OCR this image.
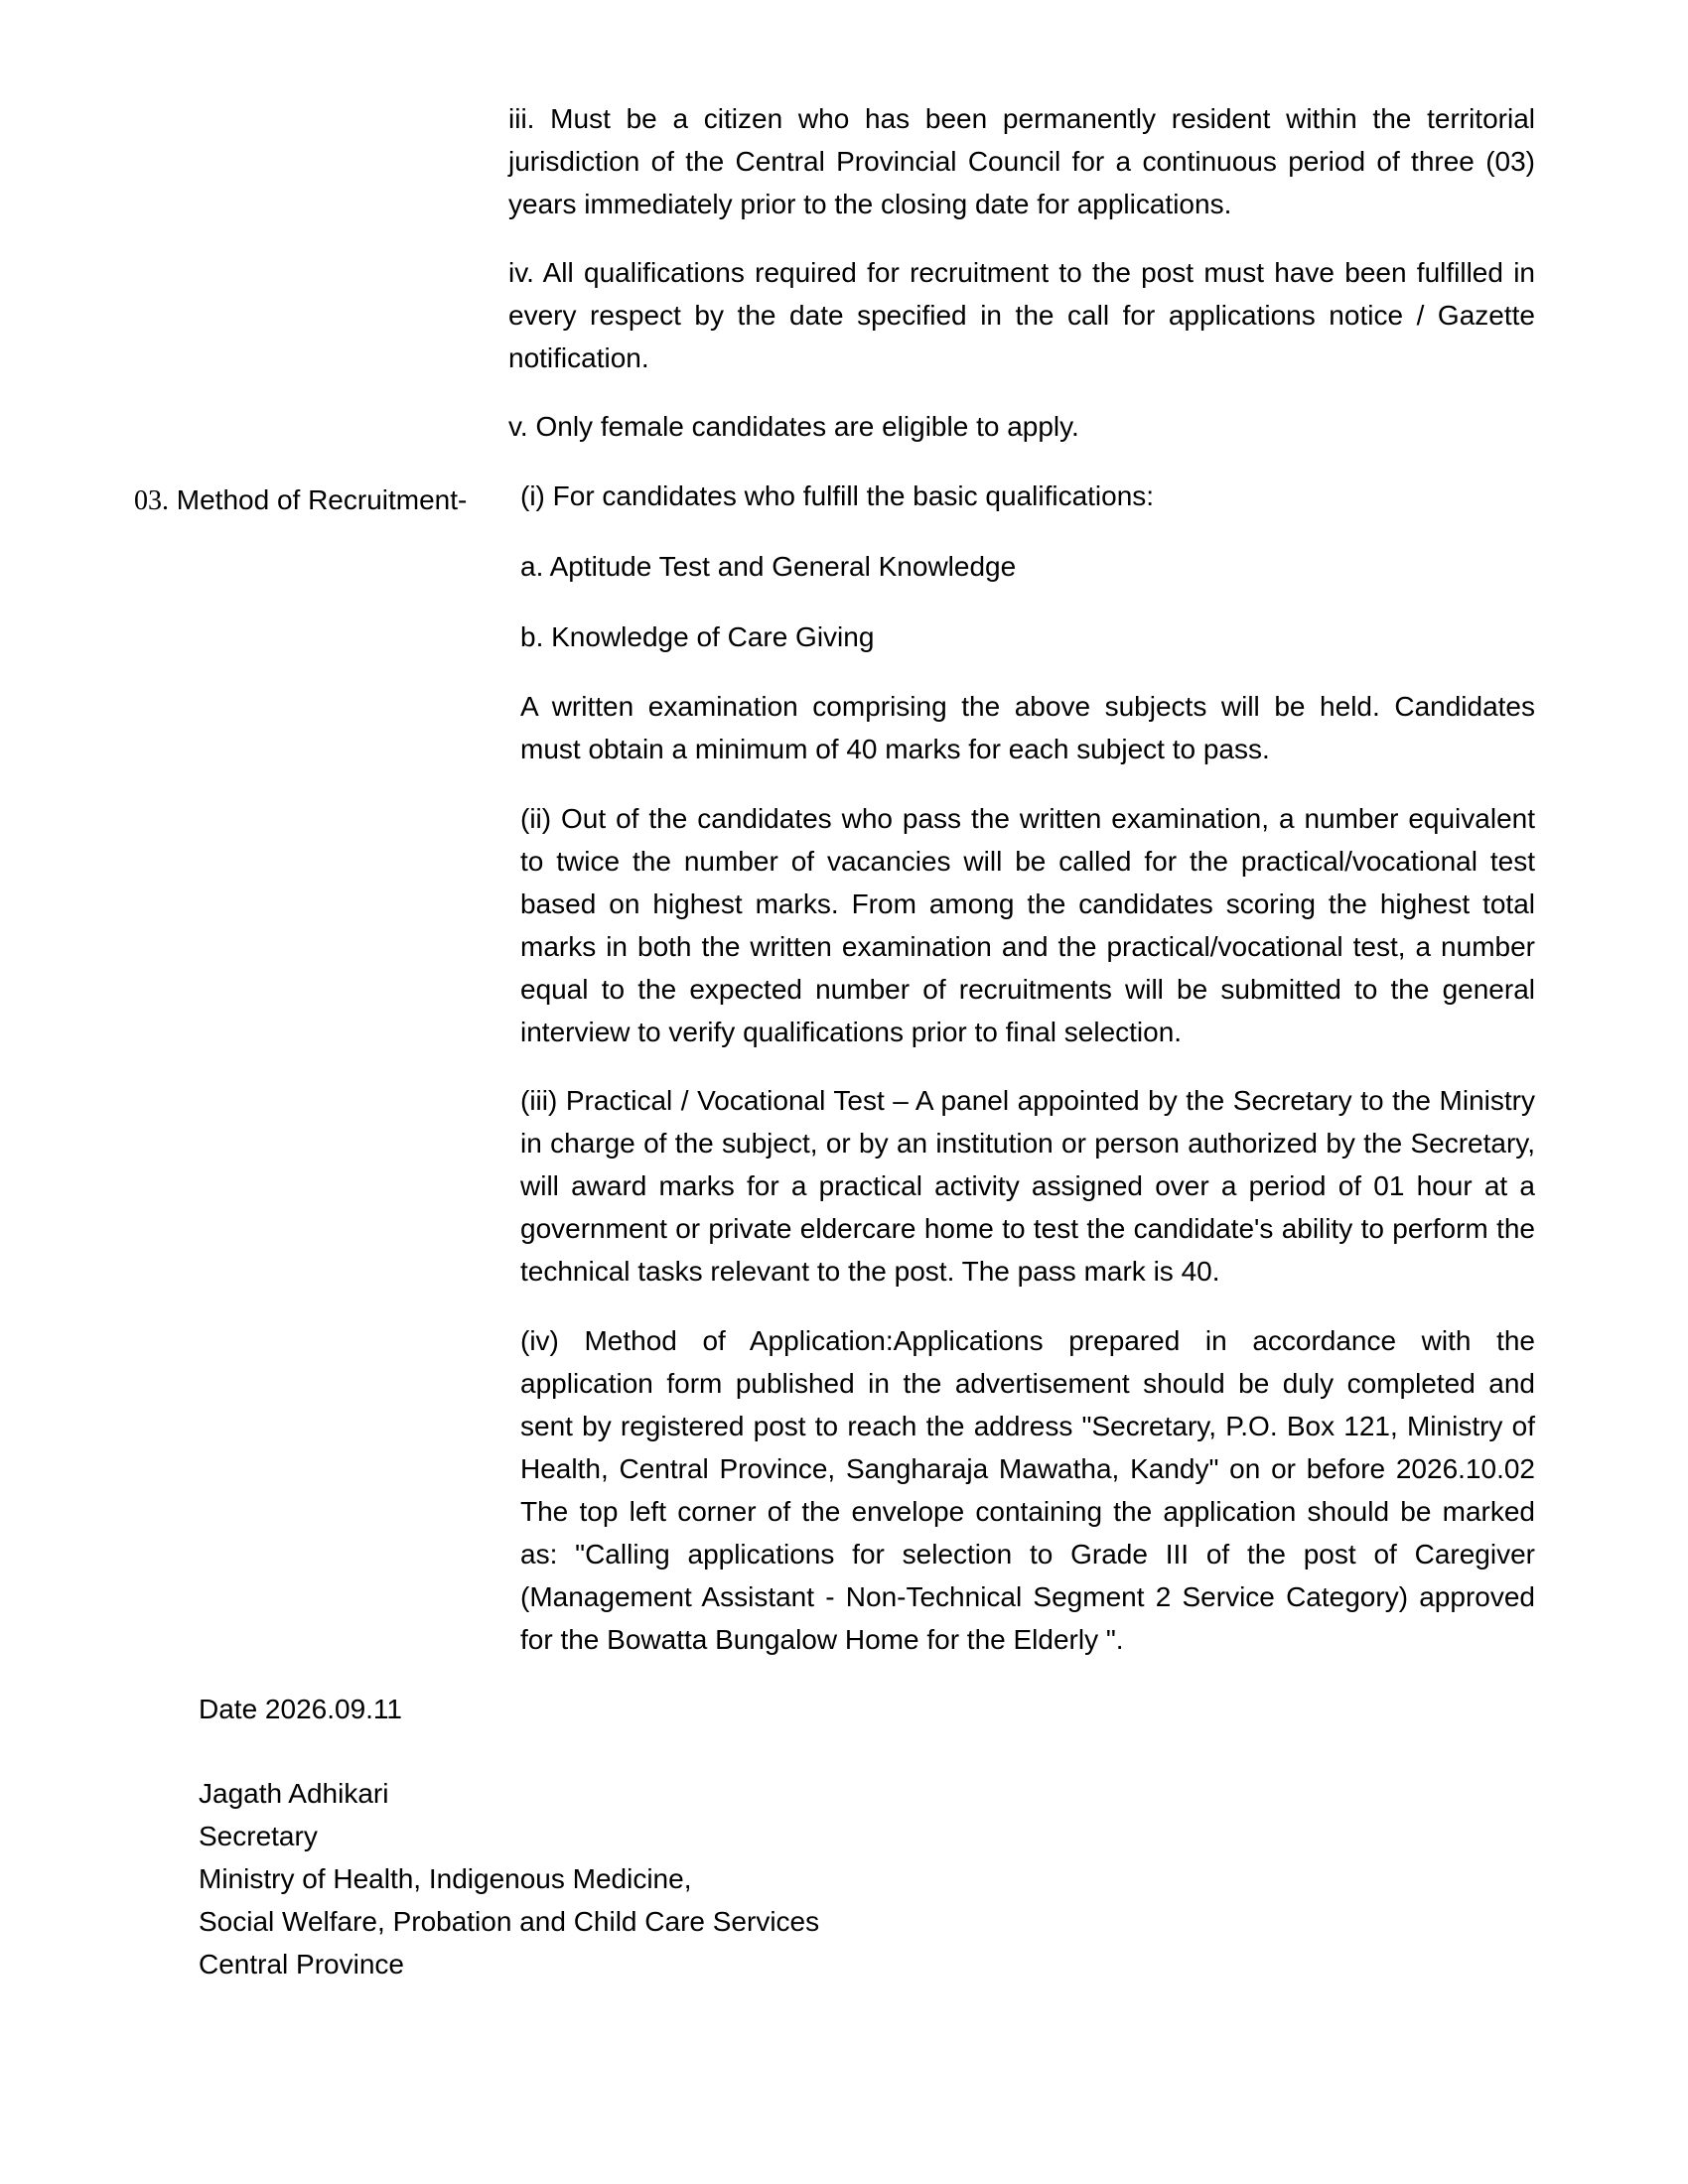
iii. Must be a citizen who has been permanently resident within the territorial jurisdiction of the Central Provincial Council for a continuous period of three (03) years immediately prior to the closing date for applications.

iv. All qualifications required for recruitment to the post must have been fulfilled in every respect by the date specified in the call for applications notice / Gazette notification.

v. Only female candidates are eligible to apply.

03. Method of Recruitment- (i) For candidates who fulfill the basic qualifications:

a. Aptitude Test and General Knowledge

b. Knowledge of Care Giving

A written examination comprising the above subjects will be held. Candidates must obtain a minimum of 40 marks for each subject to pass.

(ii) Out of the candidates who pass the written examination, a number equivalent to twice the number of vacancies will be called for the practical/vocational test based on highest marks. From among the candidates scoring the highest total marks in both the written examination and the practical/vocational test, a number equal to the expected number of recruitments will be submitted to the general interview to verify qualifications prior to final selection.

(iii) Practical / Vocational Test – A panel appointed by the Secretary to the Ministry in charge of the subject, or by an institution or person authorized by the Secretary, will award marks for a practical activity assigned over a period of 01 hour at a government or private eldercare home to test the candidate's ability to perform the technical tasks relevant to the post. The pass mark is 40.

(iv) Method of Application:Applications prepared in accordance with the

application form published in the advertisement should be duly completed and sent by registered post to reach the address "Secretary, P.O. Box 121, Ministry of Health, Central Province, Sangharaja Mawatha, Kandy" on or before 2026.10.02 The top left corner of the envelope containing the application should be marked as: "Calling applications for selection to Grade III of the post of Caregiver (Management Assistant - Non-Technical Segment 2 Service Category) approved for the Bowatta Bungalow Home for the Elderly ".

Date 2026.09.11
Jagath Adhikari
Secretary
Ministry of Health, Indigenous Medicine,
Social Welfare, Probation and Child Care Services
Central Province
